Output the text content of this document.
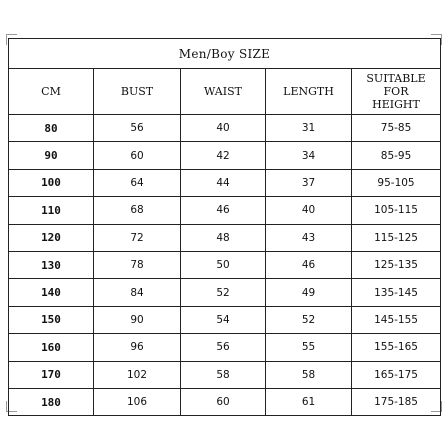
Men/Boy SIZE				
CM	BUST	WAIST	LENGTH	SUITABLE FOR HEIGHT
80	56	40	31	75-85
90	60	42	34	85-95
100	64	44	37	95-105
110	68	46	40	105-115
120	72	48	43	115-125
130	78	50	46	125-135
140	84	52	49	135-145
150	90	54	52	145-155
160	96	56	55	155-165
170	102	58	58	165-175
180	106	60	61	175-185
